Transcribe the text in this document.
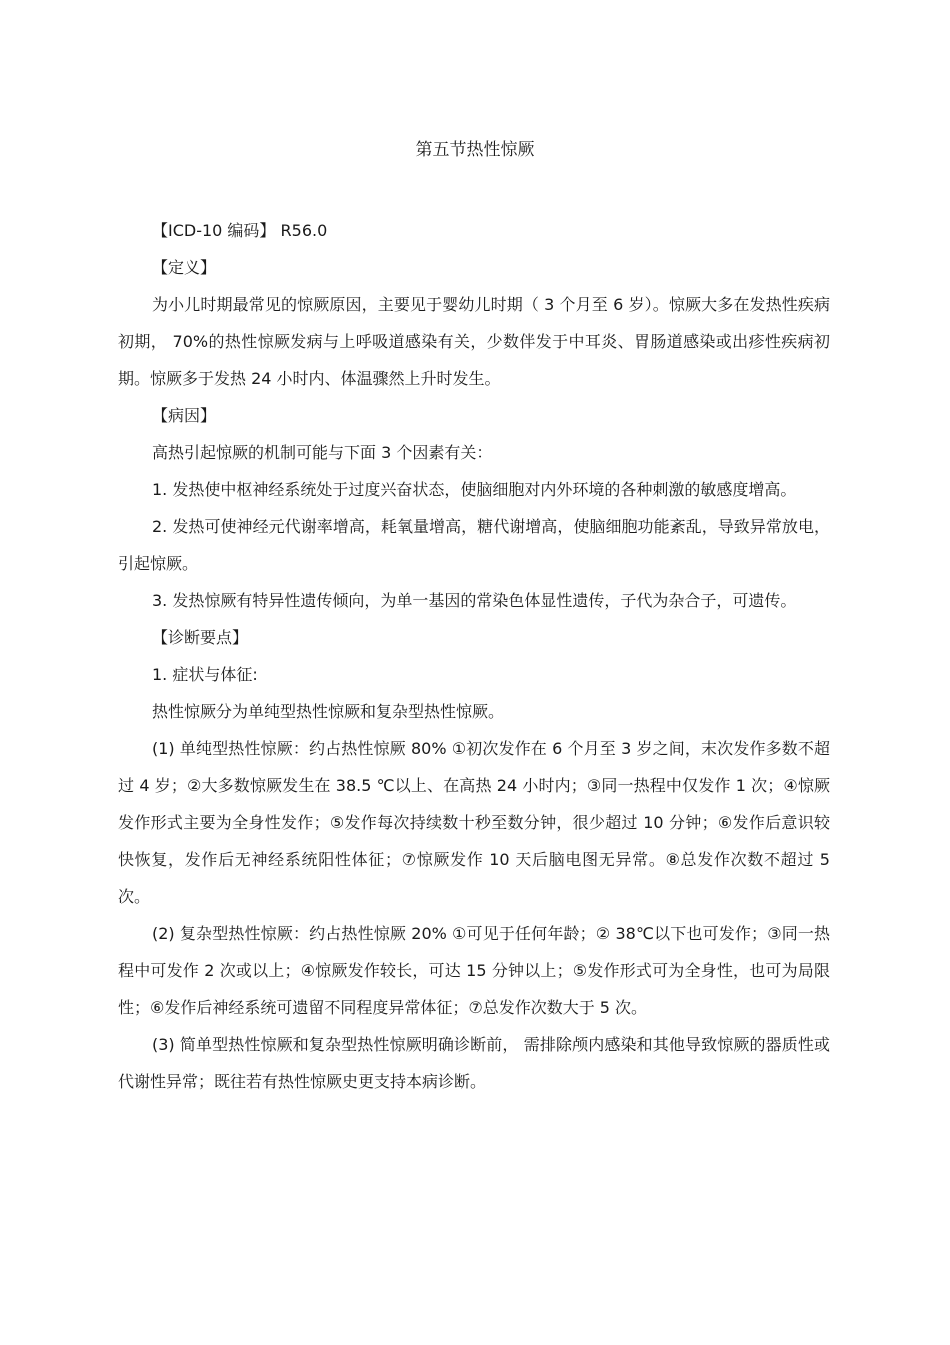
第五节热性惊厥

【ICD-10 编码】 R56.0

【定义】

为小儿时期最常见的惊厥原因，主要见于婴幼儿时期（ 3 个月至 6 岁）。惊厥大多在发热性疾病初期， 70%的热性惊厥发病与上呼吸道感染有关，少数伴发于中耳炎、胃肠道感染或出疹性疾病初期。惊厥多于发热 24 小时内、体温骤然上升时发生。

【病因】

高热引起惊厥的机制可能与下面 3 个因素有关：

1. 发热使中枢神经系统处于过度兴奋状态，使脑细胞对内外环境的各种刺激的敏感度增高。

2. 发热可使神经元代谢率增高，耗氧量增高，糖代谢增高，使脑细胞功能紊乱，导致异常放电，引起惊厥。

3. 发热惊厥有特异性遗传倾向，为单一基因的常染色体显性遗传，子代为杂合子，可遗传。

【诊断要点】

1. 症状与体征:

热性惊厥分为单纯型热性惊厥和复杂型热性惊厥。

(1) 单纯型热性惊厥：约占热性惊厥 80% ①初次发作在 6 个月至 3 岁之间，末次发作多数不超过 4 岁；②大多数惊厥发生在 38.5 ℃以上、在高热 24 小时内；③同一热程中仅发作 1 次；④惊厥发作形式主要为全身性发作；⑤发作每次持续数十秒至数分钟，很少超过 10 分钟；⑥发作后意识较快恢复，发作后无神经系统阳性体征；⑦惊厥发作 10 天后脑电图无异常。⑧总发作次数不超过 5 次。

(2) 复杂型热性惊厥：约占热性惊厥 20% ①可见于任何年龄；② 38℃以下也可发作；③同一热程中可发作 2 次或以上；④惊厥发作较长，可达 15 分钟以上；⑤发作形式可为全身性，也可为局限性；⑥发作后神经系统可遗留不同程度异常体征；⑦总发作次数大于 5 次。

(3) 简单型热性惊厥和复杂型热性惊厥明确诊断前， 需排除颅内感染和其他导致惊厥的器质性或代谢性异常；既往若有热性惊厥史更支持本病诊断。
